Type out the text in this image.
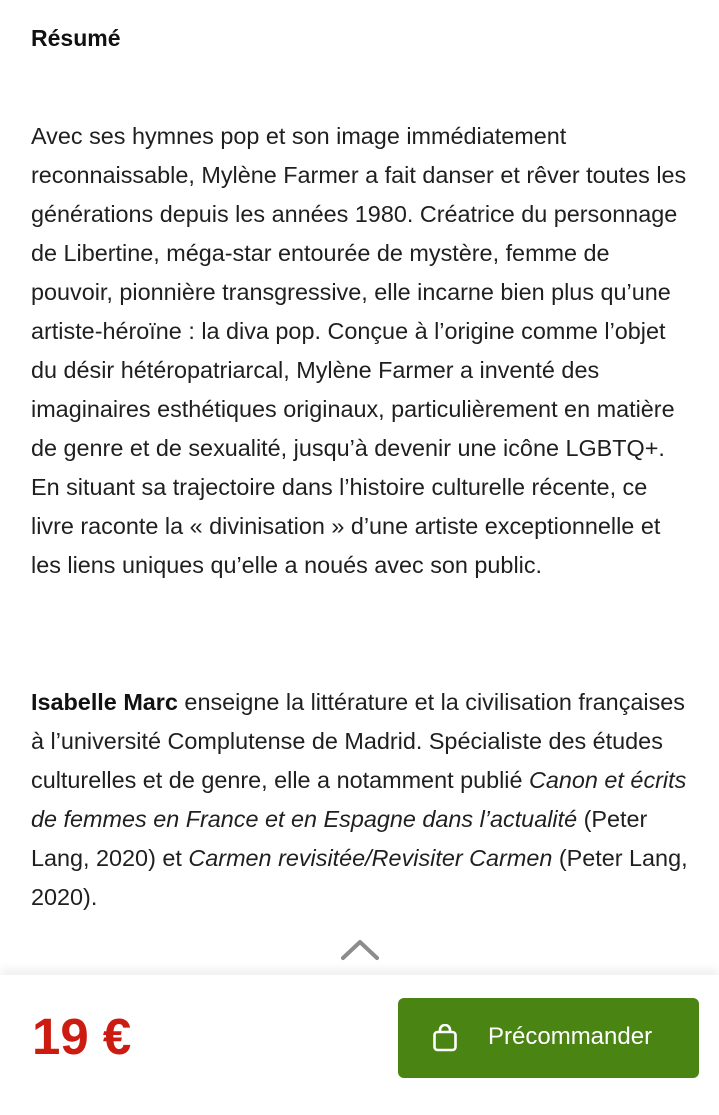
Résumé

Avec ses hymnes pop et son image immédiatement reconnaissable, Mylène Farmer a fait danser et rêver toutes les générations depuis les années 1980. Créatrice du personnage de Libertine, méga-star entourée de mystère, femme de pouvoir, pionnière transgressive, elle incarne bien plus qu’une artiste-héroïne : la diva pop. Conçue à l’origine comme l’objet du désir hétéropatriarcal, Mylène Farmer a inventé des imaginaires esthétiques originaux, particulièrement en matière de genre et de sexualité, jusqu’à devenir une icône LGBTQ+. En situant sa trajectoire dans l’histoire culturelle récente, ce livre raconte la « divinisation » d’une artiste exceptionnelle et les liens uniques qu’elle a noués avec son public.

Isabelle Marc enseigne la littérature et la civilisation françaises à l’université Complutense de Madrid. Spécialiste des études culturelles et de genre, elle a notamment publié Canon et écrits de femmes en France et en Espagne dans l’actualité (Peter Lang, 2020) et Carmen revisitée/Revisiter Carmen (Peter Lang, 2020).

19 €	Précommander
